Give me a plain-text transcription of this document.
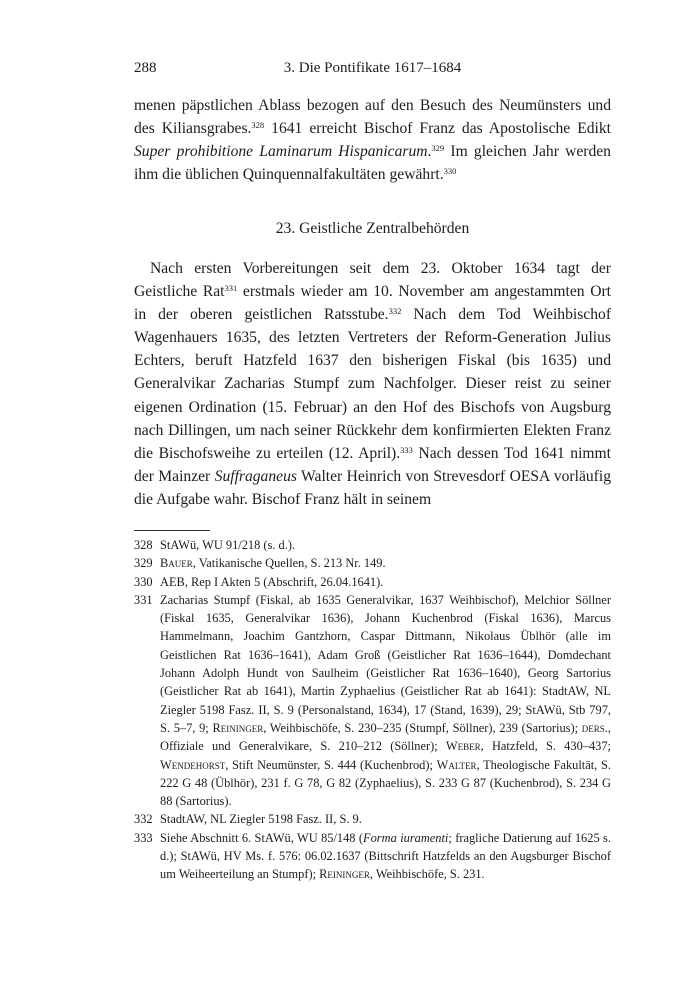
288	3. Die Pontifikate 1617–1684

menen päpstlichen Ablass bezogen auf den Besuch des Neumünsters und des Kiliansgrabes.$^{328}$ 1641 erreicht Bischof Franz das Apostolische Edikt Super prohibitione Laminarum Hispanicarum.$^{329}$ Im gleichen Jahr werden ihm die üblichen Quinquennalfakultäten gewährt.$^{330}$

23. Geistliche Zentralbehörden

Nach ersten Vorbereitungen seit dem 23. Oktober 1634 tagt der Geistliche Rat$^{331}$ erstmals wieder am 10. November am angestammten Ort in der oberen geistlichen Ratsstube.$^{332}$ Nach dem Tod Weihbischof Wagenhauers 1635, des letzten Vertreters der Reform-Generation Julius Echters, beruft Hatzfeld 1637 den bisherigen Fiskal (bis 1635) und Generalvikar Zacharias Stumpf zum Nachfolger. Dieser reist zu seiner eigenen Ordination (15. Februar) an den Hof des Bischofs von Augsburg nach Dillingen, um nach seiner Rückkehr dem konfirmierten Elekten Franz die Bischofsweihe zu erteilen (12. April).$^{333}$ Nach dessen Tod 1641 nimmt der Mainzer Suffraganeus Walter Heinrich von Strevesdorf OESA vorläufig die Aufgabe wahr. Bischof Franz hält in seinem

328 StAWü, WU 91/218 (s. d.).
329 Bauer, Vatikanische Quellen, S. 213 Nr. 149.
330 AEB, Rep I Akten 5 (Abschrift, 26.04.1641).
331 Zacharias Stumpf (Fiskal, ab 1635 Generalvikar, 1637 Weihbischof), Melchior Söllner (Fiskal 1635, Generalvikar 1636), Johann Kuchenbrod (Fiskal 1636), Marcus Hammelmann, Joachim Gantzhorn, Caspar Dittmann, Nikolaus Üblhör (alle im Geistlichen Rat 1636–1641), Adam Groß (Geistlicher Rat 1636–1644), Domdechant Johann Adolph Hundt von Saulheim (Geistlicher Rat 1636–1640), Georg Sartorius (Geistlicher Rat ab 1641), Martin Zyphaelius (Geistlicher Rat ab 1641): StadtAW, NL Ziegler 5198 Fasz. II, S. 9 (Personalstand, 1634), 17 (Stand, 1639), 29; StAWü, Stb 797, S. 5–7, 9; Reininger, Weihbischöfe, S. 230–235 (Stumpf, Söllner), 239 (Sartorius); ders., Offiziale und Generalvikare, S. 210–212 (Söllner); Weber, Hatzfeld, S. 430–437; Wendehorst, Stift Neumünster, S. 444 (Kuchenbrod); Walter, Theologische Fakultät, S. 222 G 48 (Üblhör), 231 f. G 78, G 82 (Zyphaelius), S. 233 G 87 (Kuchenbrod), S. 234 G 88 (Sartorius).
332 StadtAW, NL Ziegler 5198 Fasz. II, S. 9.
333 Siehe Abschnitt 6. StAWü, WU 85/148 (Forma iuramenti; fragliche Datierung auf 1625 s. d.); StAWü, HV Ms. f. 576: 06.02.1637 (Bittschrift Hatzfelds an den Augsburger Bischof um Weiheerteilung an Stumpf); Reininger, Weihbischöfe, S. 231.
